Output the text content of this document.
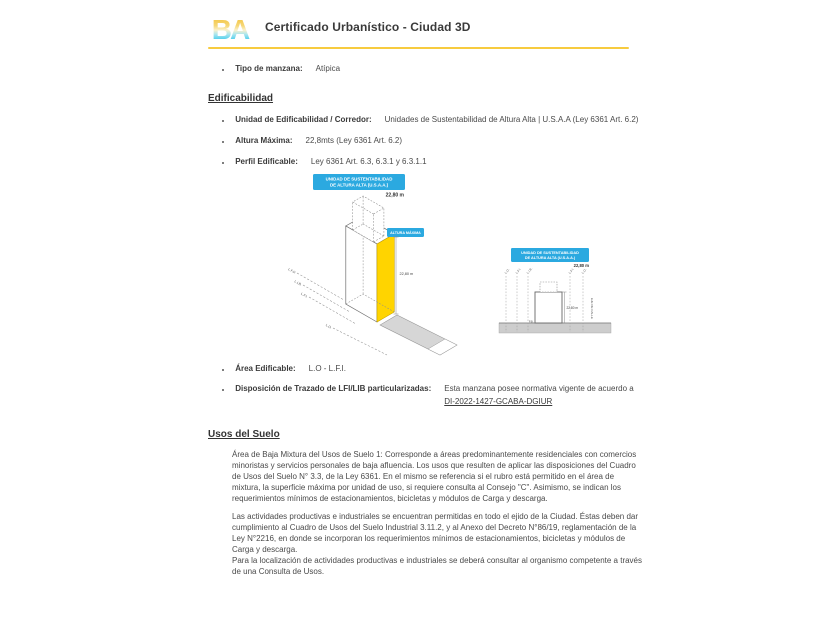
BA Certificado Urbanístico - Ciudad 3D
Tipo de manzana: Atípica
Edificabilidad
Unidad de Edificabilidad / Corredor: Unidades de Sustentabilidad de Altura Alta | U.S.A.A (Ley 6361 Art. 6.2)
Altura Máxima: 22,8mts (Ley 6361 Art. 6.2)
Perfil Edificable: Ley 6361 Art. 6.3, 6.3.1 y 6.3.1.1
UNIDAD DE SUSTENTABILIDAD
DE ALTURA ALTA (U.S.A.A.)
22,80 m
L.F.P.
L.I.B.
L.F.I.
L.O.
ALTURA MÁXIMA
22,80 m
UNIDAD DE SUSTENTABILIDAD
DE ALTURA ALTA (U.S.A.A.)
22,80 m
L.O. L.F.I. L.I.B.	L.F.I. L.O.
22,80 m	EJE DE CALLE
P.B.
Área Edificable: L.O - L.F.I.
Disposición de Trazado de LFI/LIB particularizadas: Esta manzana posee normativa vigente de acuerdo a
DI-2022-1427-GCABA-DGIUR
Usos del Suelo

Área de Baja Mixtura del Usos de Suelo 1: Corresponde a áreas predominantemente residenciales con comercios minoristas y servicios personales de baja afluencia. Los usos que resulten de aplicar las disposiciones del Cuadro de Usos del Suelo N° 3.3, de la Ley 6361. En el mismo se referencia si el rubro está permitido en el área de mixtura, la superficie máxima por unidad de uso, si requiere consulta al Consejo "C". Asimismo, se indican los requerimientos mínimos de estacionamientos, bicicletas y módulos de Carga y descarga.

Las actividades productivas e industriales se encuentran permitidas en todo el ejido de la Ciudad. Éstas deben dar cumplimiento al Cuadro de Usos del Suelo Industrial 3.11.2, y al Anexo del Decreto N°86/19, reglamentación de la Ley N°2216, en donde se incorporan los requerimientos mínimos de estacionamientos, bicicletas y módulos de Carga y descarga.

Para la localización de actividades productivas e industriales se deberá consultar al organismo competente a través de una Consulta de Usos.
